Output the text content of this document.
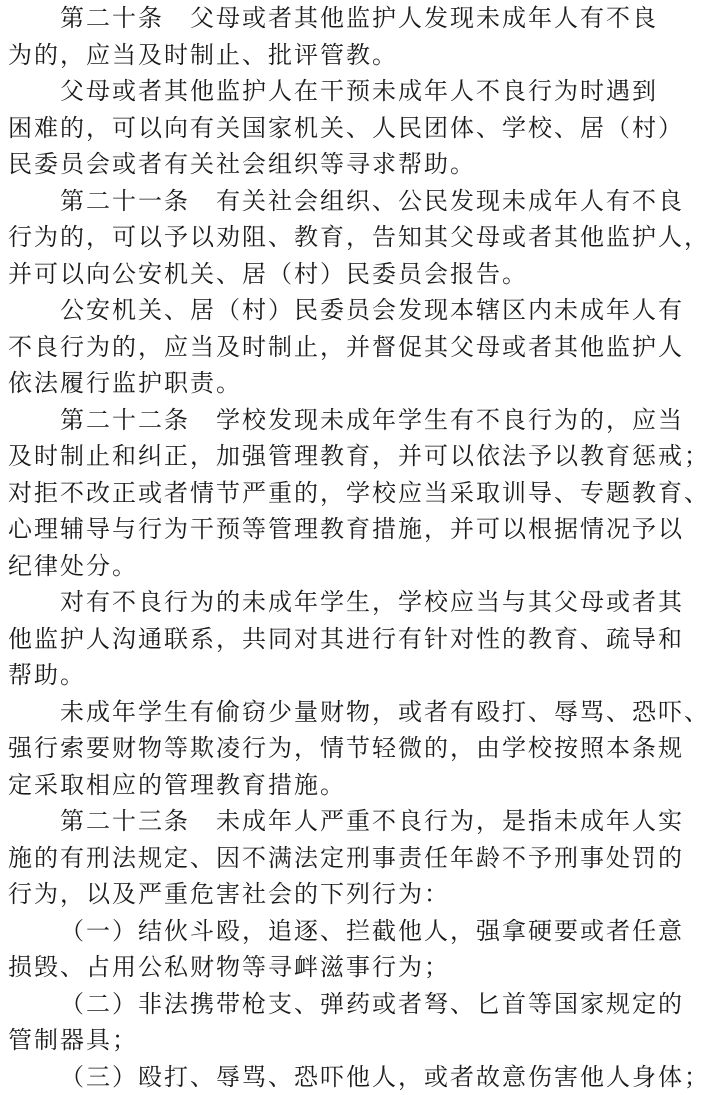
第二十条　父母或者其他监护人发现未成年人有不良
为的，应当及时制止、批评管教。
父母或者其他监护人在干预未成年人不良行为时遇到
困难的，可以向有关国家机关、人民团体、学校、居（村）
民委员会或者有关社会组织等寻求帮助。
第二十一条　有关社会组织、公民发现未成年人有不良
行为的，可以予以劝阻、教育，告知其父母或者其他监护人，
并可以向公安机关、居（村）民委员会报告。
公安机关、居（村）民委员会发现本辖区内未成年人有
不良行为的，应当及时制止，并督促其父母或者其他监护人
依法履行监护职责。
第二十二条　学校发现未成年学生有不良行为的，应当
及时制止和纠正，加强管理教育，并可以依法予以教育惩戒；
对拒不改正或者情节严重的，学校应当采取训导、专题教育、
心理辅导与行为干预等管理教育措施，并可以根据情况予以
纪律处分。
对有不良行为的未成年学生，学校应当与其父母或者其
他监护人沟通联系，共同对其进行有针对性的教育、疏导和
帮助。
未成年学生有偷窃少量财物，或者有殴打、辱骂、恐吓、
强行索要财物等欺凌行为，情节轻微的，由学校按照本条规
定采取相应的管理教育措施。
第二十三条　未成年人严重不良行为，是指未成年人实
施的有刑法规定、因不满法定刑事责任年龄不予刑事处罚的
行为，以及严重危害社会的下列行为：
（一）结伙斗殴，追逐、拦截他人，强拿硬要或者任意
损毁、占用公私财物等寻衅滋事行为；
（二）非法携带枪支、弹药或者弩、匕首等国家规定的
管制器具；
（三）殴打、辱骂、恐吓他人，或者故意伤害他人身体；
